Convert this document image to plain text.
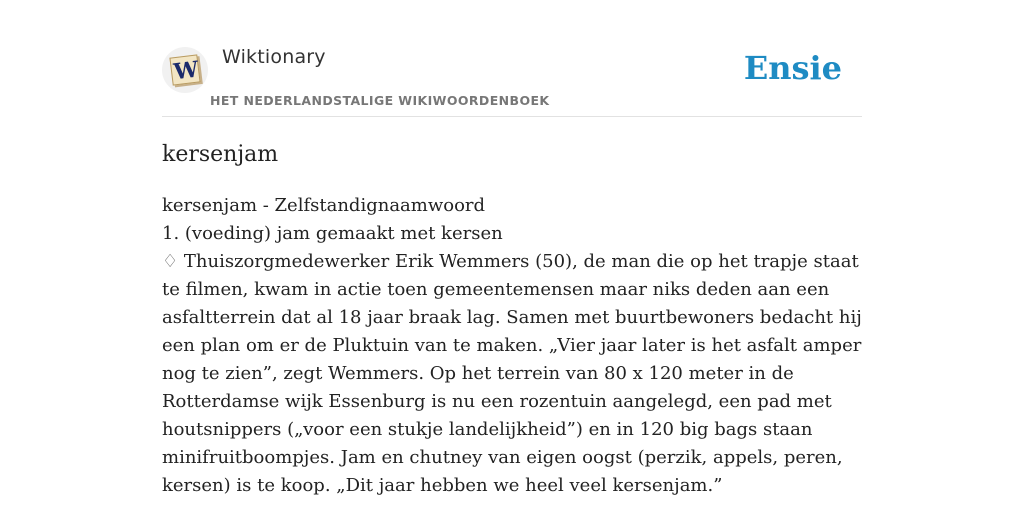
W Wiktionary
HET NEDERLANDSTALIGE WIKIWOORDENBOEK
Ensie
kersenjam
kersenjam - Zelfstandignaamwoord
1. (voeding) jam gemaakt met kersen
♢ Thuiszorgmedewerker Erik Wemmers (50), de man die op het trapje staat te filmen, kwam in actie toen gemeentemensen maar niks deden aan een asfaltterrein dat al 18 jaar braak lag. Samen met buurtbewoners bedacht hij een plan om er de Pluktuin van te maken. „Vier jaar later is het asfalt amper nog te zien”, zegt Wemmers. Op het terrein van 80 x 120 meter in de Rotterdamse wijk Essenburg is nu een rozentuin aangelegd, een pad met houtsnippers („voor een stukje landelijkheid”) en in 120 big bags staan minifruitboompjes. Jam en chutney van eigen oogst (perzik, appels, peren, kersen) is te koop. „Dit jaar hebben we heel veel kersenjam.”
